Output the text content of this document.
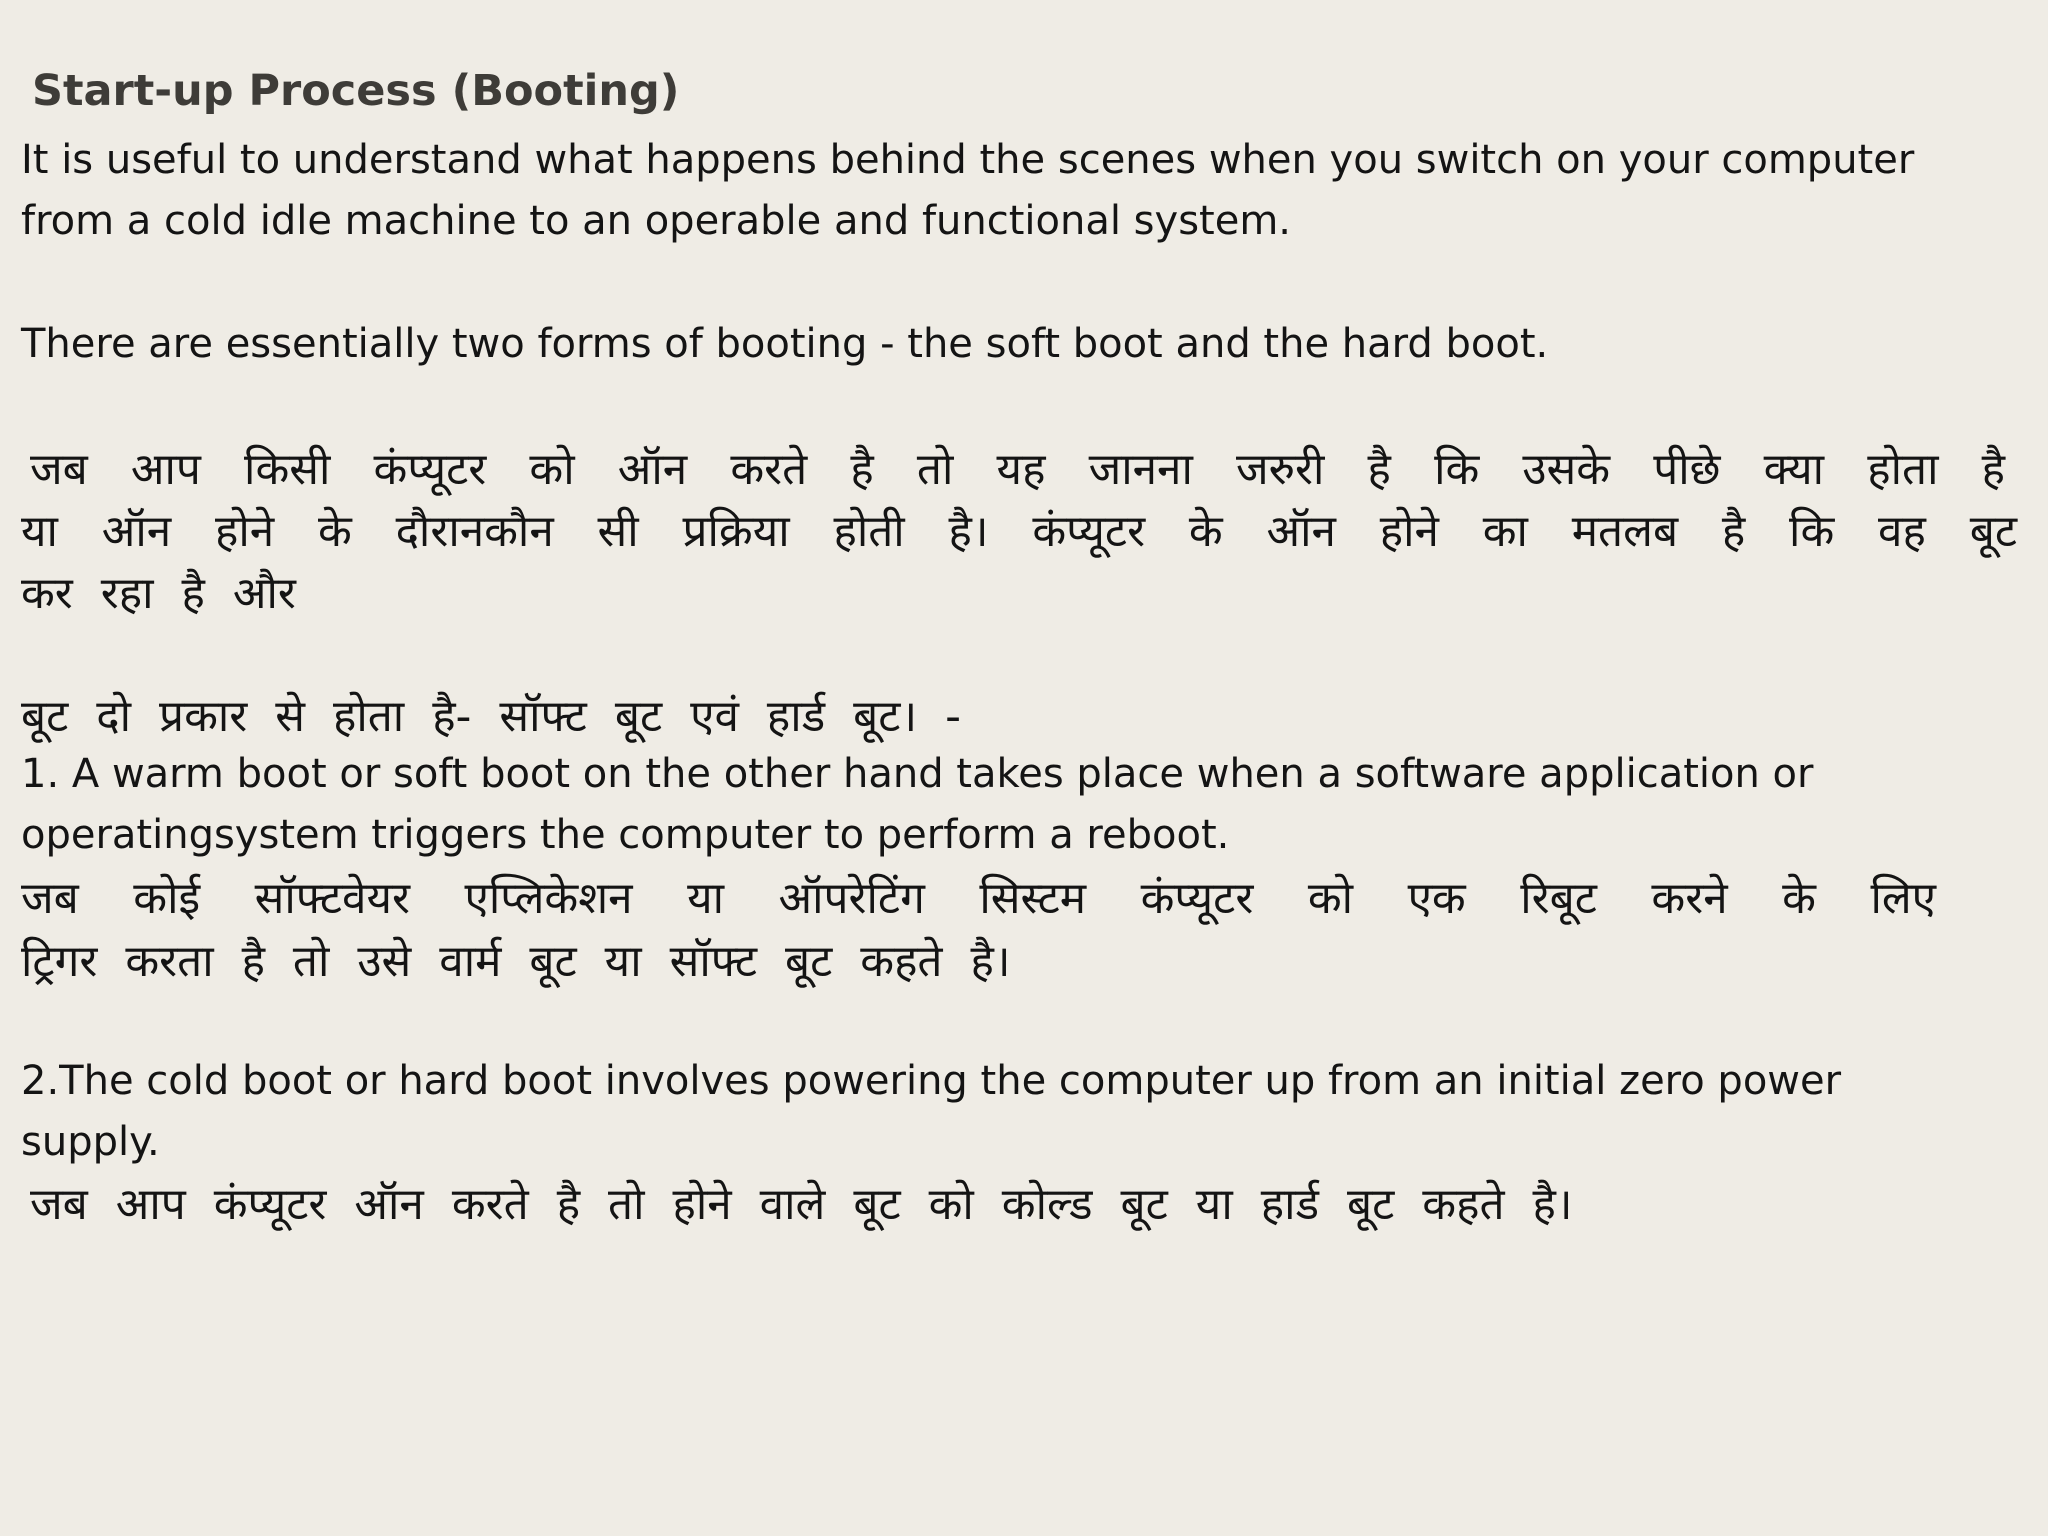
Start-up Process (Booting)

It is useful to understand what happens behind the scenes when you switch on your computer

from a cold idle machine to an operable and functional system.

There are essentially two forms of booting - the soft boot and the hard boot.

जब आप किसी कंप्यूटर को ऑन करते है तो यह जानना जरुरी है कि उसके पीछे क्या होता है

या ऑन होने के दौरानकौन सी प्रक्रिया होती है। कंप्यूटर के ऑन होने का मतलब है कि वह बूट

कर रहा है और

बूट दो प्रकार से होता है- सॉफ्ट बूट एवं हार्ड बूट। -

1. A warm boot or soft boot on the other hand takes place when a software application or

operatingsystem triggers the computer to perform a reboot.

जब कोई सॉफ्टवेयर एप्लिकेशन या ऑपरेटिंग सिस्टम कंप्यूटर को एक रिबूट करने के लिए

ट्रिगर करता है तो उसे वार्म बूट या सॉफ्ट बूट कहते है।

2.The cold boot or hard boot involves powering the computer up from an initial zero power

supply.

जब आप कंप्यूटर ऑन करते है तो होने वाले बूट को कोल्ड बूट या हार्ड बूट कहते है।
